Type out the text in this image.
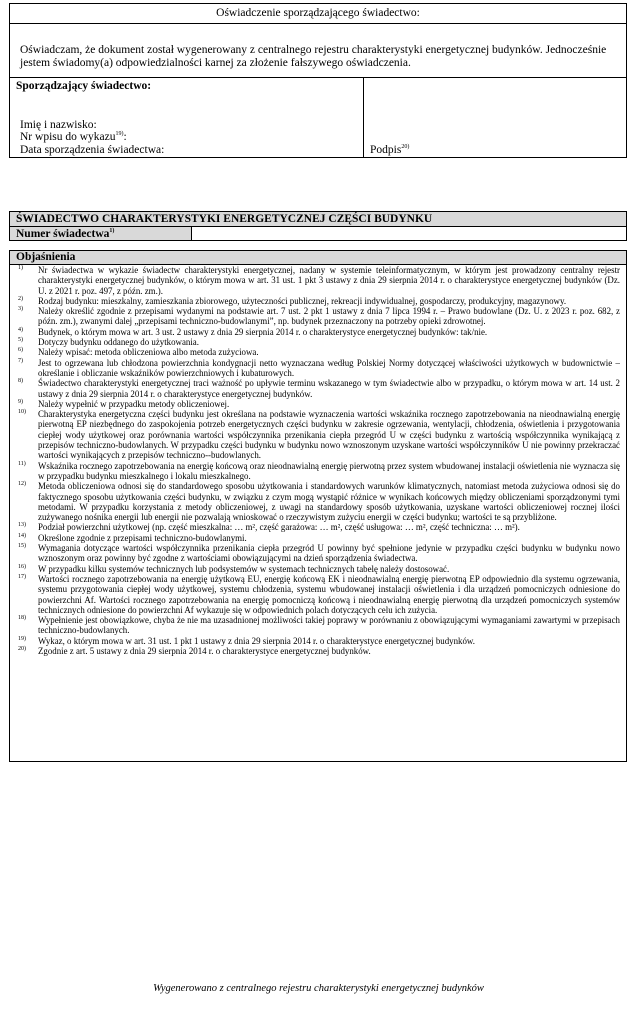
Oświadczenie sporządzającego świadectwo:
Oświadczam, że dokument został wygenerowany z centralnego rejestru charakterystyki energetycznej budynków. Jednocześnie jestem świadomy(a) odpowiedzialności karnej za złożenie fałszywego oświadczenia.
Sporządzający świadectwo:
Imię i nazwisko:
Nr wpisu do wykazu$^{19)}$:
Data sporządzenia świadectwa:	Podpis$^{20)}$
ŚWIADECTWO CHARAKTERYSTYKI ENERGETYCZNEJ CZĘŚCI BUDYNKU
Numer świadectwa$^{1)}$
Objaśnienia
1) Nr świadectwa w wykazie świadectw charakterystyki energetycznej, nadany w systemie teleinformatycznym, w którym jest prowadzony centralny rejestr charakterystyki energetycznej budynków, o którym mowa w art. 31 ust. 1 pkt 3 ustawy z dnia 29 sierpnia 2014 r. o charakterystyce energetycznej budynków (Dz. U. z 2021 r. poz. 497, z późn. zm.).
2) Rodzaj budynku: mieszkalny, zamieszkania zbiorowego, użyteczności publicznej, rekreacji indywidualnej, gospodarczy, produkcyjny, magazynowy.
3) Należy określić zgodnie z przepisami wydanymi na podstawie art. 7 ust. 2 pkt 1 ustawy z dnia 7 lipca 1994 r. – Prawo budowlane (Dz. U. z 2023 r. poz. 682, z późn. zm.), zwanymi dalej „przepisami techniczno-budowlanymi”, np. budynek przeznaczony na potrzeby opieki zdrowotnej.
4) Budynek, o którym mowa w art. 3 ust. 2 ustawy z dnia 29 sierpnia 2014 r. o charakterystyce energetycznej budynków: tak/nie.
5) Dotyczy budynku oddanego do użytkowania.
6) Należy wpisać: metoda obliczeniowa albo metoda zużyciowa.
7) Jest to ogrzewana lub chłodzona powierzchnia kondygnacji netto wyznaczana według Polskiej Normy dotyczącej właściwości użytkowych w budownictwie – określanie i obliczanie wskaźników powierzchniowych i kubaturowych.
8) Świadectwo charakterystyki energetycznej traci ważność po upływie terminu wskazanego w tym świadectwie albo w przypadku, o którym mowa w art. 14 ust. 2 ustawy z dnia 29 sierpnia 2014 r. o charakterystyce energetycznej budynków.
9) Należy wypełnić w przypadku metody obliczeniowej.
10) Charakterystyka energetyczna części budynku jest określana na podstawie wyznaczenia wartości wskaźnika rocznego zapotrzebowania na nieodnawialną energię pierwotną EP niezbędnego do zaspokojenia potrzeb energetycznych części budynku w zakresie ogrzewania, wentylacji, chłodzenia, oświetlenia i przygotowania ciepłej wody użytkowej oraz porównania wartości współczynnika przenikania ciepła przegród U w części budynku z wartością współczynnika wynikającą z przepisów techniczno-budowlanych. W przypadku części budynku w budynku nowo wznoszonym uzyskane wartości współczynników U nie powinny przekraczać wartości wynikających z przepisów techniczno--budowlanych.
11) Wskaźnika rocznego zapotrzebowania na energię końcową oraz nieodnawialną energię pierwotną przez system wbudowanej instalacji oświetlenia nie wyznacza się w przypadku budynku mieszkalnego i lokalu mieszkalnego.
12) Metoda obliczeniowa odnosi się do standardowego sposobu użytkowania i standardowych warunków klimatycznych, natomiast metoda zużyciowa odnosi się do faktycznego sposobu użytkowania części budynku, w związku z czym mogą wystąpić różnice w wynikach końcowych między obliczeniami sporządzonymi tymi metodami. W przypadku korzystania z metody obliczeniowej, z uwagi na standardowy sposób użytkowania, uzyskane wartości obliczeniowej rocznej ilości zużywanego nośnika energii lub energii nie pozwalają wnioskować o rzeczywistym zużyciu energii w części budynku; wartości te są przybliżone.
13) Podział powierzchni użytkowej (np. część mieszkalna: … m², część garażowa: … m², część usługowa: … m², część techniczna: … m²).
14) Określone zgodnie z przepisami techniczno-budowlanymi.
15) Wymagania dotyczące wartości współczynnika przenikania ciepła przegród U powinny być spełnione jedynie w przypadku części budynku w budynku nowo wznoszonym oraz powinny być zgodne z wartościami obowiązującymi na dzień sporządzenia świadectwa.
16) W przypadku kilku systemów technicznych lub podsystemów w systemach technicznych tabelę należy dostosować.
17) Wartości rocznego zapotrzebowania na energię użytkową EU, energię końcową EK i nieodnawialną energię pierwotną EP odpowiednio dla systemu ogrzewania, systemu przygotowania ciepłej wody użytkowej, systemu chłodzenia, systemu wbudowanej instalacji oświetlenia i dla urządzeń pomocniczych odniesione do powierzchni Af. Wartości rocznego zapotrzebowania na energię pomocniczą końcową i nieodnawialną energię pierwotną dla urządzeń pomocniczych systemów technicznych odniesione do powierzchni Af wykazuje się w odpowiednich polach dotyczących celu ich zużycia.
18) Wypełnienie jest obowiązkowe, chyba że nie ma uzasadnionej możliwości takiej poprawy w porównaniu z obowiązującymi wymaganiami zawartymi w przepisach techniczno-budowlanych.
19) Wykaz, o którym mowa w art. 31 ust. 1 pkt 1 ustawy z dnia 29 sierpnia 2014 r. o charakterystyce energetycznej budynków.
20) Zgodnie z art. 5 ustawy z dnia 29 sierpnia 2014 r. o charakterystyce energetycznej budynków.
Wygenerowano z centralnego rejestru charakterystyki energetycznej budynków
